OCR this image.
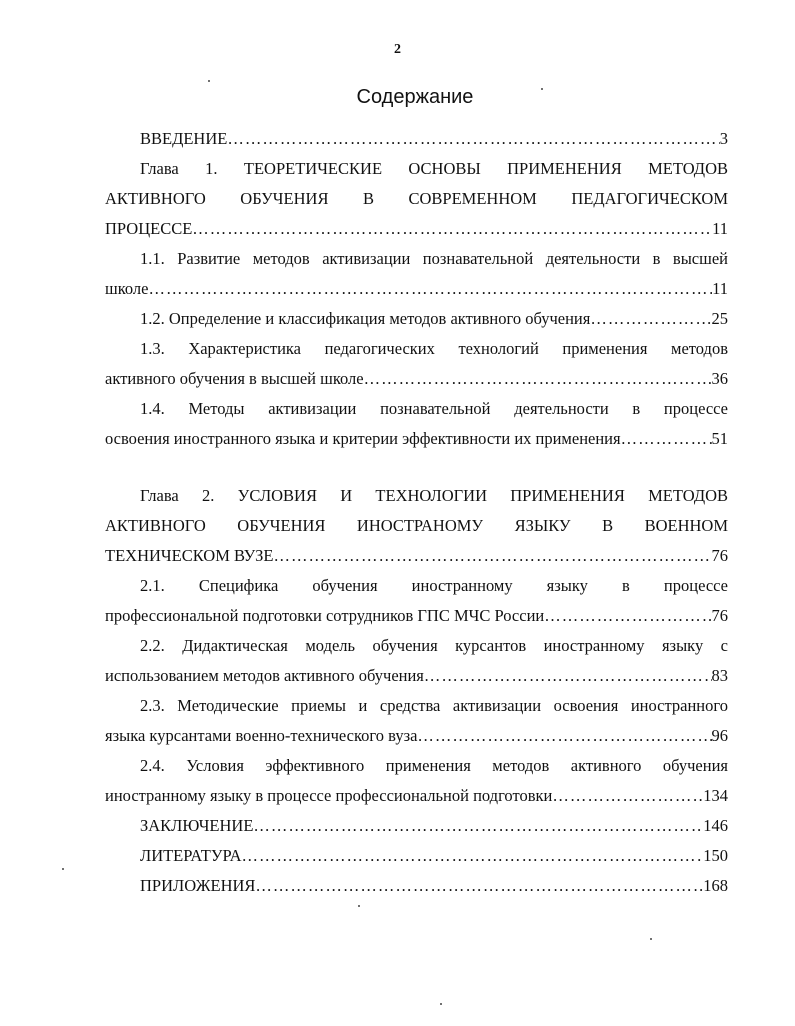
2
Содержание
ВВЕДЕНИЕ …………………………………………………………………………………………………………………………………………………	3
Глава 1. ТЕОРЕТИЧЕСКИЕ ОСНОВЫ ПРИМЕНЕНИЯ МЕТОДОВ
АКТИВНОГО ОБУЧЕНИЯ В СОВРЕМЕННОМ ПЕДАГОГИЧЕСКОМ
ПРОЦЕССЕ …………………………………………………………………………………………………………………………………………………	11
1.1. Развитие методов активизации познавательной деятельности в высшей
школе …………………………………………………………………………………………………………………………………………………	11
1.2. Определение и классификация методов активного обучения …………………………………………………………………………………………………………………………………………………	25
1.3. Характеристика педагогических технологий применения методов
активного обучения в высшей школе …………………………………………………………………………………………………………………………………………………	36
1.4. Методы активизации познавательной деятельности в процессе
освоения иностранного языка и критерии эффективности их применения …………………………………………………………………………………………………………………………………………………	51
Глава 2. УСЛОВИЯ И ТЕХНОЛОГИИ ПРИМЕНЕНИЯ МЕТОДОВ
АКТИВНОГО ОБУЧЕНИЯ ИНОСТРАНОМУ ЯЗЫКУ В ВОЕННОМ
ТЕХНИЧЕСКОМ ВУЗЕ …………………………………………………………………………………………………………………………………………………	76
2.1. Специфика обучения иностранному языку в процессе
профессиональной подготовки сотрудников ГПС МЧС России …………………………………………………………………………………………………………………………………………………	76
2.2. Дидактическая модель обучения курсантов иностранному языку с
использованием методов активного обучения …………………………………………………………………………………………………………………………………………………	83
2.3. Методические приемы и средства активизации освоения иностранного
языка курсантами военно-технического вуза …………………………………………………………………………………………………………………………………………………	96
2.4. Условия эффективного применения методов активного обучения
иностранному языку в процессе профессиональной подготовки …………………………………………………………………………………………………………………………………………………	134
ЗАКЛЮЧЕНИЕ …………………………………………………………………………………………………………………………………………………	146
ЛИТЕРАТУРА …………………………………………………………………………………………………………………………………………………	150
ПРИЛОЖЕНИЯ …………………………………………………………………………………………………………………………………………………	168
